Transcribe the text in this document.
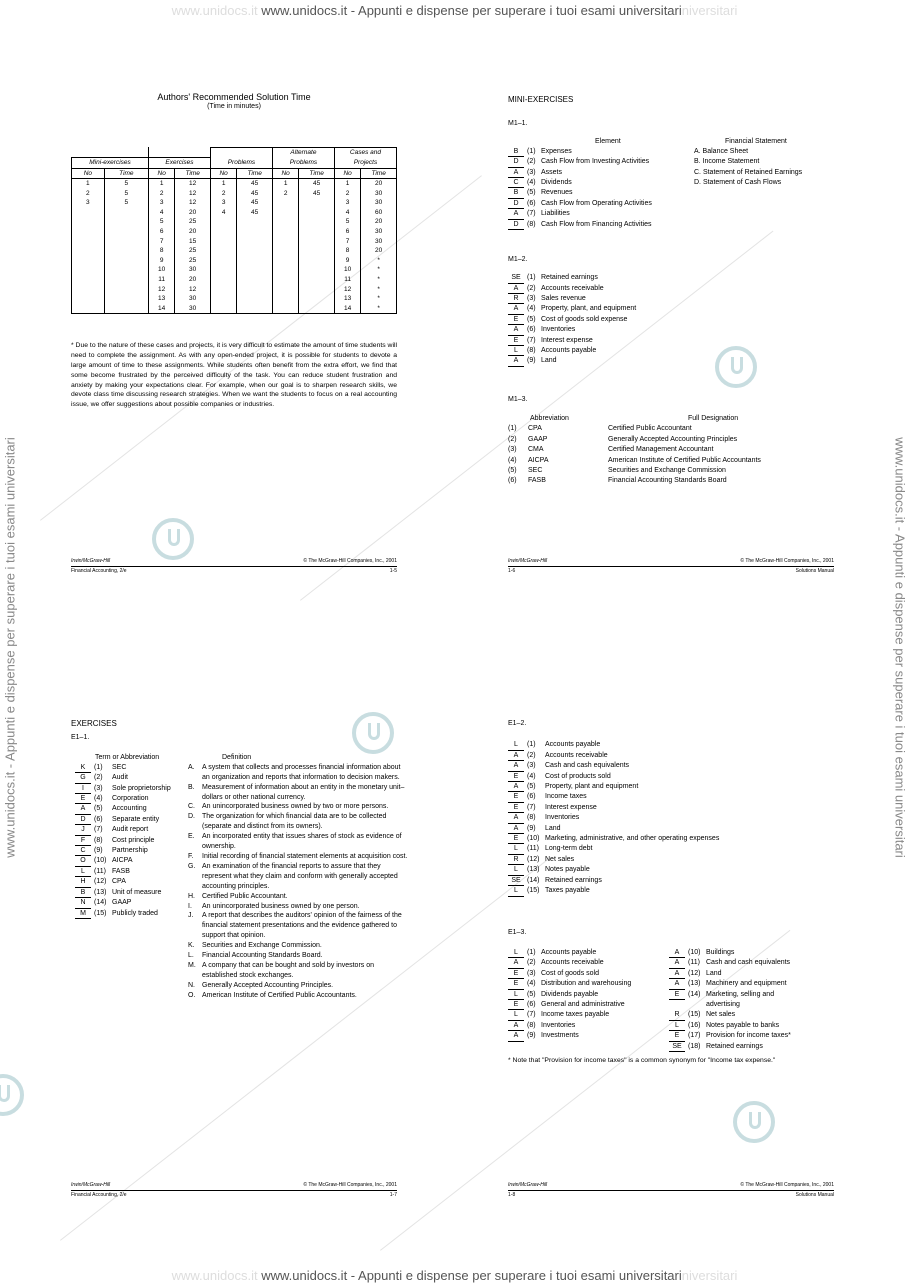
www.unidocs.it www.unidocs.it - Appunti e dispense per superare i tuoi esami universitariniversitari
www.unidocs.it www.unidocs.it - Appunti e dispense per superare i tuoi esami universitariniversitari
www.unidocs.it - Appunti e dispense per superare i tuoi esami universitari	www.unidocs.it - Appunti e dispense per superare i tuoi esami universitari
Authors' Recommended Solution Time
(Time in minutes)
						Alternate		Cases and	
Mini-exercises		Exercises		Problems		Problems		Projects	
No	Time	No	Time	No	Time	No	Time	No	Time
1	5	1	12	1	45	1	45	1	20
2	5	2	12	2	45	2	45	2	30
3	5	3	12	3	45			3	30
		4	20	4	45			4	60
		5	25					5	20
		6	20					6	30
		7	15					7	30
		8	25					8	20
		9	25					9	*
		10	30					10	*
		11	20					11	*
		12	12					12	*
		13	30					13	*
		14	30					14	*
* Due to the nature of these cases and projects, it is very difficult to estimate the amount of time students will need to complete the assignment. As with any open-ended project, it is possible for students to devote a large amount of time to these assignments. While students often benefit from the extra effort, we find that some become frustrated by the perceived difficulty of the task. You can reduce student frustration and anxiety by making your expectations clear. For example, when our goal is to sharpen research skills, we devote class time discussing research strategies. When we want the students to focus on a real accounting issue, we offer suggestions about possible companies or industries.
Irwin/McGraw-Hill	© The McGraw-Hill Companies, Inc., 2001
Financial Accounting, 2/e	1-5
MINI-EXERCISES
M1–1.
Element	Financial Statement
B	(1) Expenses
D	(2) Cash Flow from Investing Activities
A	(3) Assets
C	(4) Dividends
B	(5) Revenues
D	(6) Cash Flow from Operating Activities
A	(7) Liabilities
D	(8) Cash Flow from Financing Activities
A. Balance Sheet
B. Income Statement
C. Statement of Retained Earnings
D. Statement of Cash Flows
M1–2.
SE (1) Retained earnings
A	(2) Accounts receivable
R	(3) Sales revenue
A	(4) Property, plant, and equipment
E	(5) Cost of goods sold expense
A	(6) Inventories
E	(7) Interest expense
L	(8) Accounts payable
A	(9) Land
M1–3.
Abbreviation	Full Designation
(1)	CPA	Certified Public Accountant
(2)	GAAP	Generally Accepted Accounting Principles
(3)	CMA	Certified Management Accountant
(4)	AICPA	American Institute of Certified Public Accountants
(5)	SEC	Securities and Exchange Commission
(6)	FASB	Financial Accounting Standards Board
Irwin/McGraw-Hill	© The McGraw-Hill Companies, Inc., 2001
1-6	Solutions Manual
EXERCISES
E1–1.
Term or Abbreviation	Definition
K	(1)	SEC
G	(2)	Audit
I	(3)	Sole proprietorship
E	(4)	Corporation
A	(5)	Accounting
D	(6)	Separate entity
J	(7)	Audit report
F	(8)	Cost principle
C	(9)	Partnership
O	(10) AICPA
L	(11) FASB
H	(12) CPA
B	(13) Unit of measure
N	(14) GAAP
M	(15) Publicly traded
A.	A system that collects and processes financial information about an organization and reports that information to decision makers.
B.	Measurement of information about an entity in the monetary unit–dollars or other national currency.
C.	An unincorporated business owned by two or more persons.
D.	The organization for which financial data are to be collected (separate and distinct from its owners).
E.	An incorporated entity that issues shares of stock as evidence of ownership.
F.	Initial recording of financial statement elements at acquisition cost.
G. An examination of the financial reports to assure that they represent what they claim and conform with generally accepted accounting principles.
H.	Certified Public Accountant.
I.	An unincorporated business owned by one person.
J.	A report that describes the auditors' opinion of the fairness of the financial statement presentations and the evidence gathered to support that opinion.
K.	Securities and Exchange Commission.
L.	Financial Accounting Standards Board.
M. A company that can be bought and sold by investors on established stock exchanges.
N.	Generally Accepted Accounting Principles.
O. American Institute of Certified Public Accountants.
Irwin/McGraw-Hill	© The McGraw-Hill Companies, Inc., 2001
Financial Accounting, 2/e	1-7
E1–2.
L	(1)	Accounts payable
A	(2)	Accounts receivable
A	(3)	Cash and cash equivalents
E	(4)	Cost of products sold
A	(5)	Property, plant and equipment
E	(6)	Income taxes
E	(7)	Interest expense
A	(8)	Inventories
A	(9)	Land
E	(10) Marketing, administrative, and other operating expenses
L	(11) Long-term debt
R	(12) Net sales
L	(13) Notes payable
SE (14) Retained earnings
L	(15) Taxes payable
E1–3.
L	(1) Accounts payable
A	(2) Accounts receivable
E	(3) Cost of goods sold
E	(4) Distribution and warehousing
L	(5) Dividends payable
E	(6) General and administrative
L	(7) Income taxes payable
A	(8) Inventories
A	(9) Investments
A	(10) Buildings
A	(11) Cash and cash equivalents
A	(12) Land
A	(13) Machinery and equipment
E	(14) Marketing, selling and
advertising
R	(15) Net sales
L	(16) Notes payable to banks
E	(17) Provision for income taxes*
SE (18) Retained earnings
* Note that "Provision for income taxes" is a common synonym for "Income tax expense."
Irwin/McGraw-Hill	© The McGraw-Hill Companies, Inc., 2001
1-8	Solutions Manual
